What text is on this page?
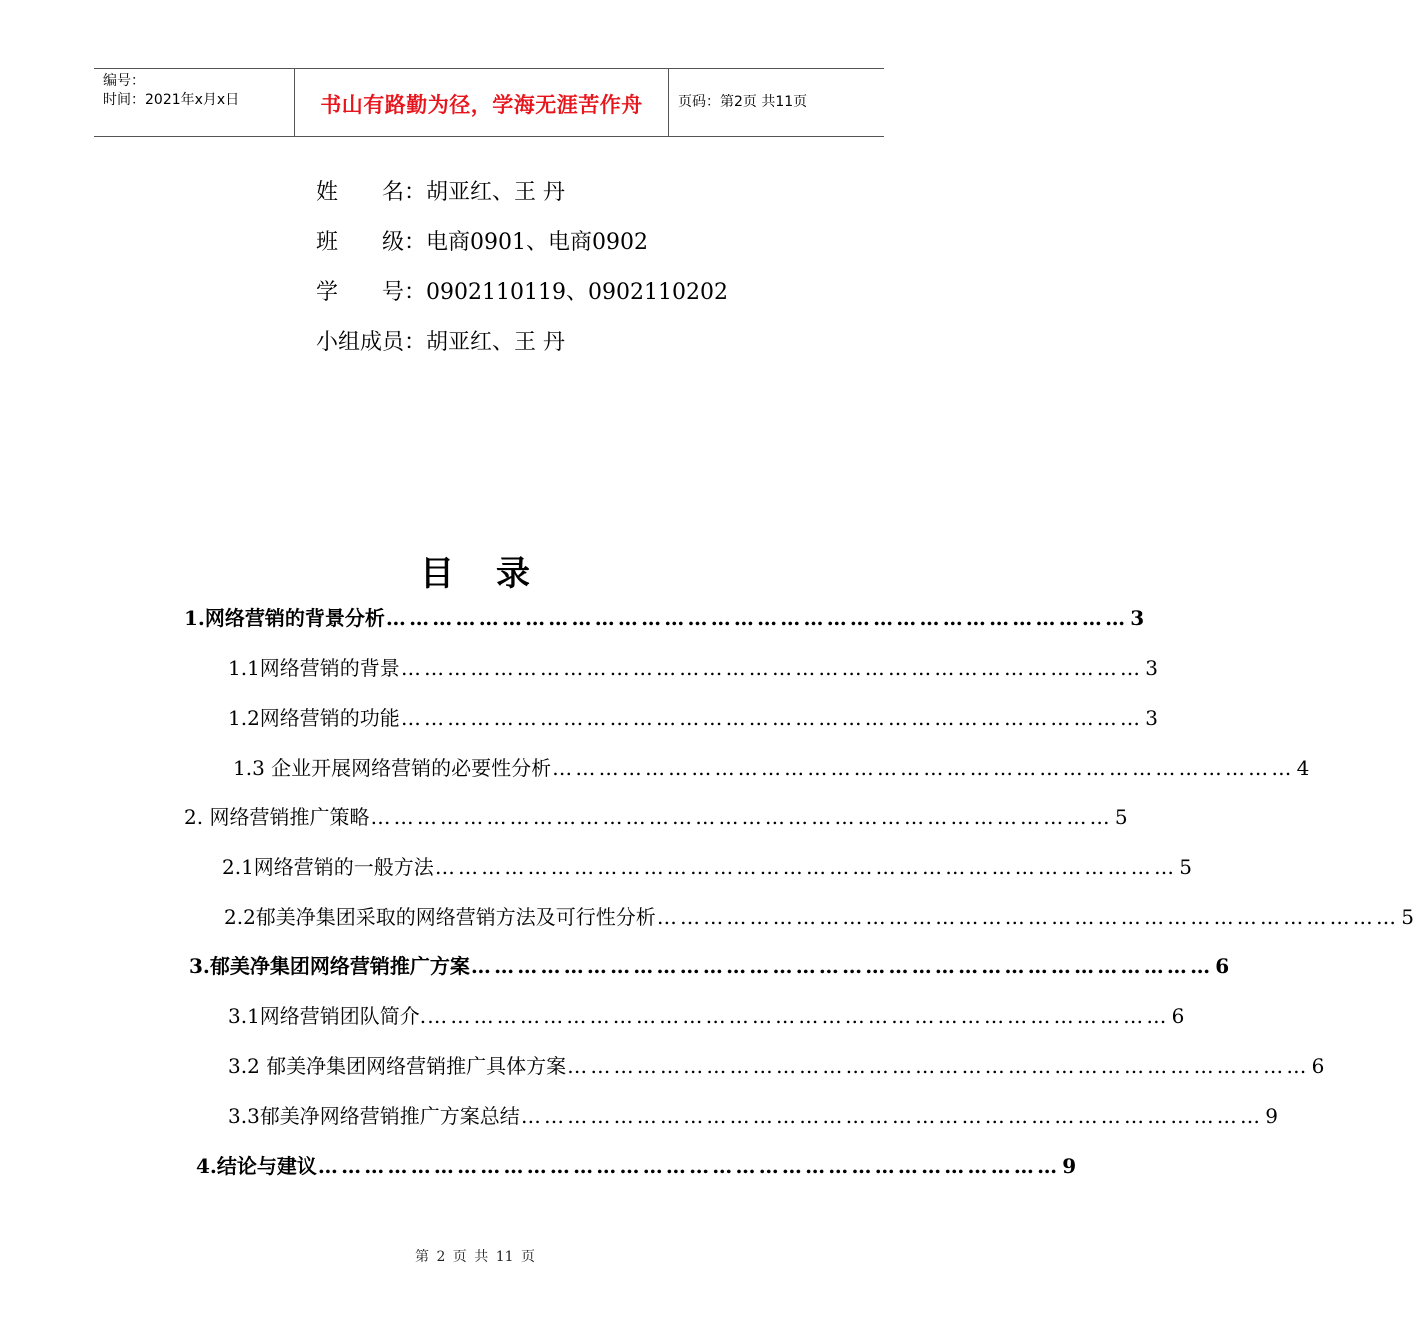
编号：
时间：2021年x月x日	书山有路勤为径，学海无涯苦作舟	页码：第2页 共11页
姓　　名：胡亚红、王 丹
班　　级：电商0901、电商0902
学　　号：0902110119、0902110202
小组成员：胡亚红、王 丹
目录
1.网络营销的背景分析 …………………………………………………………………………………… 3
1.1网络营销的背景 …………………………………………………………………………………… 3
1.2网络营销的功能 …………………………………………………………………………………… 3
1.3 企业开展网络营销的必要性分析 …………………………………………………………………………………… 4
2. 网络营销推广策略 …………………………………………………………………………………… 5
2.1网络营销的一般方法 …………………………………………………………………………………… 5
2.2郁美净集团采取的网络营销方法及可行性分析 …………………………………………………………………………………… 5
3.郁美净集团网络营销推广方案 …………………………………………………………………………………… 6
3.1网络营销团队简介. …………………………………………………………………………………… 6
3.2 郁美净集团网络营销推广具体方案 …………………………………………………………………………………… 6
3.3郁美净网络营销推广方案总结 …………………………………………………………………………………… 9
4.结论与建议 …………………………………………………………………………………… 9
第 2 页 共 11 页
